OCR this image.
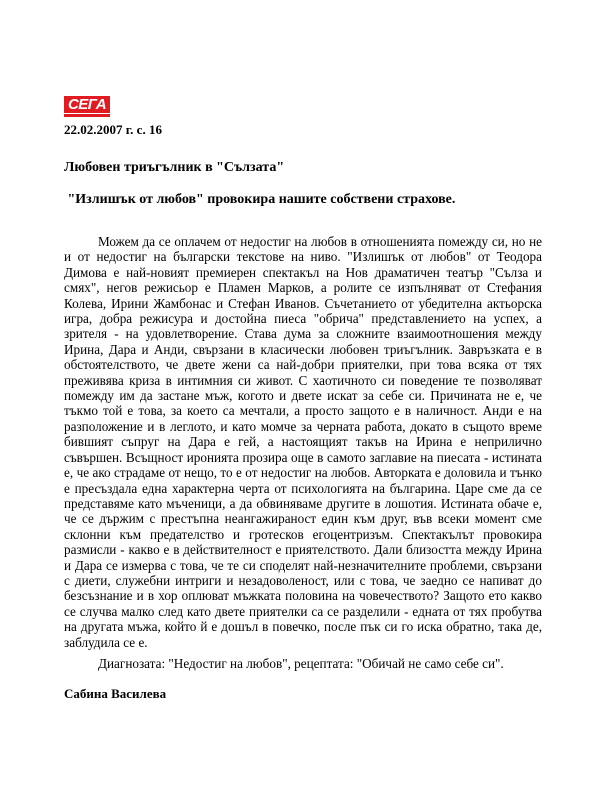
СЕГА
22.02.2007 г. с. 16
Любовен триъгълник в "Сълзата"
"Излишък от любов" провокира нашите собствени страхове.

Можем да се оплачем от недостиг на любов в отношенията помежду си, но не и от недостиг на български текстове на ниво. "Излишък от любов" от Теодора Димова е най-новият премиерен спектакъл на Нов драматичен театър "Сълза и смях", негов режисьор е Пламен Марков, а ролите се изпълняват от Стефания Колева, Ирини Жамбонас и Стефан Иванов. Съчетанието от убедителна актьорска игра, добра режисура и достойна пиеса "обрича" представлението на успех, а зрителя - на удовлетворение. Става дума за сложните взаимоотношения между Ирина, Дара и Анди, свързани в класически любовен триъгълник. Завръзката е в обстоятелството, че двете жени са най-добри приятелки, при това всяка от тях преживява криза в интимния си живот. С хаотичното си поведение те позволяват помежду им да застане мъж, когото и двете искат за себе си. Причината не е, че тъкмо той е това, за което са мечтали, а просто защото е в наличност. Анди е на разположение и в леглото, и като момче за черната работа, докато в същото време бившият съпруг на Дара е гей, а настоящият такъв на Ирина е неприлично съвършен. Всъщност иронията прозира още в самото заглавие на пиесата - истината е, че ако страдаме от нещо, то е от недостиг на любов. Авторката е доловила и тънко е пресъздала една характерна черта от психологията на българина. Царе сме да се представяме като мъченици, а да обвиняваме другите в лошотия. Истината обаче е, че се държим с престъпна неангажираност един към друг, във всеки момент сме склонни към предателство и гротесков егоцентризъм. Спектакълът провокира размисли - какво е в действителност е приятелството. Дали близостта между Ирина и Дара се измерва с това, че те си споделят най-незначителните проблеми, свързани с диети, служебни интриги и незадоволеност, или с това, че заедно се напиват до безсъзнание и в хор оплюват мъжката половина на човечеството? Защото ето какво се случва малко след като двете приятелки са се разделили - едната от тях пробутва на другата мъжа, който й е дошъл в повечко, после пък си го иска обратно, така де, заблудила се е.

Диагнозата: "Недостиг на любов", рецептата: "Обичай не само себе си".

Сабина Василева
